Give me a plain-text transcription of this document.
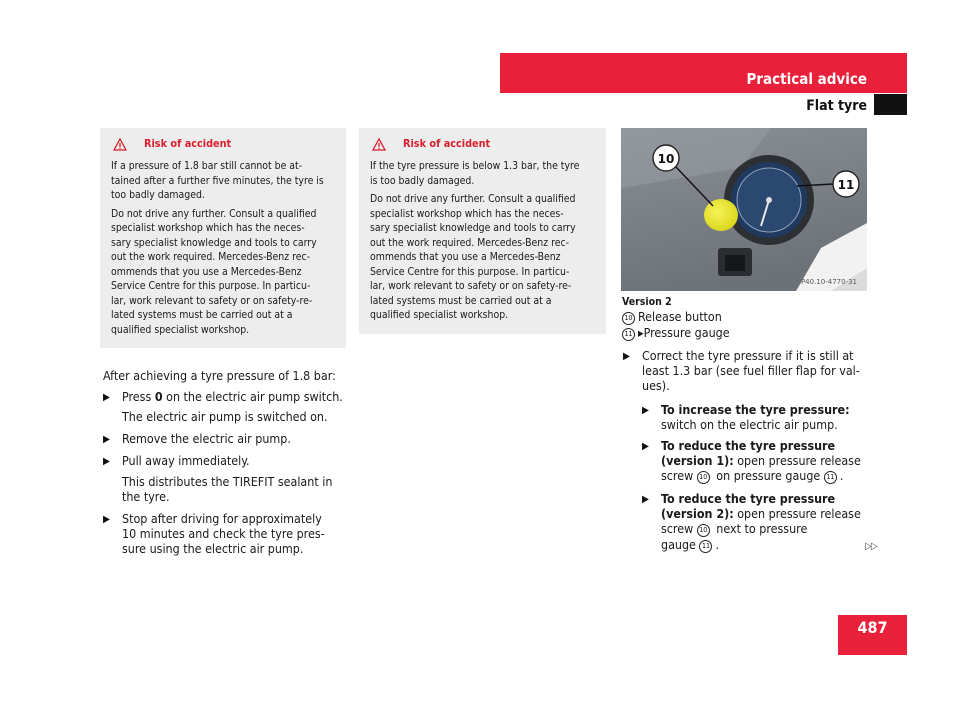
Practical advice
Flat tyre
Risk of accident

If a pressure of 1.8 bar still cannot be at-
tained after a further five minutes, the tyre is
too badly damaged.

Do not drive any further. Consult a qualified
specialist workshop which has the neces-
sary specialist knowledge and tools to carry
out the work required. Mercedes-Benz rec-
ommends that you use a Mercedes-Benz
Service Centre for this purpose. In particu-
lar, work relevant to safety or on safety-re-
lated systems must be carried out at a
qualified specialist workshop.

Risk of accident

If the tyre pressure is below 1.3 bar, the tyre
is too badly damaged.

Do not drive any further. Consult a qualified
specialist workshop which has the neces-
sary specialist knowledge and tools to carry
out the work required. Mercedes-Benz rec-
ommends that you use a Mercedes-Benz
Service Centre for this purpose. In particu-
lar, work relevant to safety or on safety-re-
lated systems must be carried out at a
qualified specialist workshop.

After achieving a tyre pressure of 1.8 bar:
▶ Press 0 on the electric air pump switch.
The electric air pump is switched on.
▶ Remove the electric air pump.
▶ Pull away immediately.
This distributes the TIREFIT sealant in
the tyre.
▶ Stop after driving for approximately
10 minutes and check the tyre pres-
sure using the electric air pump.
10
11
P40.10-4770-31
Version 2
10 Release button
11 ▸Pressure gauge
▶ Correct the tyre pressure if it is still at
least 1.3 bar (see fuel filler flap for val-
ues).
▶ To increase the tyre pressure:
switch on the electric air pump.
▶ To reduce the tyre pressure
(version 1): open pressure release
screw 10 on pressure gauge 11 .
▶ To reduce the tyre pressure
(version 2): open pressure release
screw 10 next to pressure
gauge 11 .	▷▷
487
